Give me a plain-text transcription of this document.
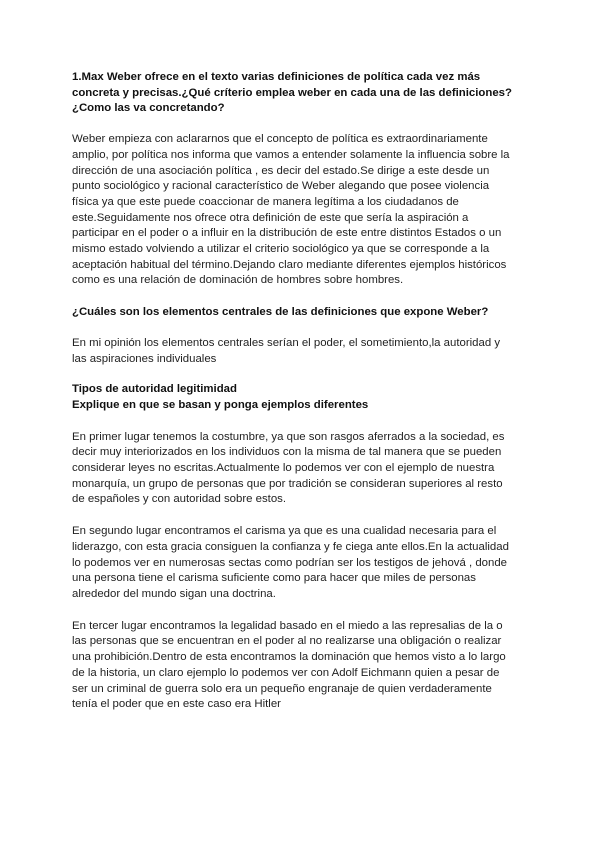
1.Max Weber ofrece en el texto varias definiciones de política cada vez más concreta y precisas.¿Qué críterio emplea weber en cada una de las definiciones?¿Como las va concretando?

Weber empieza con aclararnos que el concepto de política es extraordinariamente amplio, por política nos informa que vamos a entender solamente la influencia sobre la dirección de una asociación política , es decir del estado.Se dirige a este desde un punto sociológico y racional característico de Weber alegando que posee violencia física ya que este puede coaccionar de manera legítima a los ciudadanos de este.Seguidamente nos ofrece otra definición de este que sería la aspiración a participar en el poder o a influir en la distribución de este entre distintos Estados o un mismo estado volviendo a utilizar el criterio sociológico ya que se corresponde a la aceptación habitual del término.Dejando claro mediante diferentes ejemplos históricos como es una relación de dominación de hombres sobre hombres.

¿Cuáles son los elementos centrales de las definiciones que expone Weber?

En mi opinión los elementos centrales serían el poder, el sometimiento,la autoridad y las aspiraciones individuales

Tipos de autoridad legitimidad
Explique en que se basan y ponga ejemplos diferentes

En primer lugar tenemos la costumbre, ya que son rasgos aferrados a la sociedad, es decir muy interiorizados en los individuos con la misma de tal manera que se pueden considerar leyes no escritas.Actualmente lo podemos ver con el ejemplo de nuestra monarquía, un grupo de personas que por tradición se consideran superiores al resto de españoles y con autoridad sobre estos.

En segundo lugar encontramos el carisma ya que es una cualidad necesaria para el liderazgo, con esta gracia consiguen la confianza y fe ciega ante ellos.En la actualidad lo podemos ver en numerosas sectas como podrían ser los testigos de jehová , donde una persona tiene el carisma suficiente como para hacer que miles de personas alrededor del mundo sigan una doctrina.

En tercer lugar encontramos la legalidad basado en el miedo a las represalias de la o las personas que se encuentran en el poder al no realizarse una obligación o realizar una prohibición.Dentro de esta encontramos la dominación que hemos visto a lo largo de la historia, un claro ejemplo lo podemos ver con Adolf Eichmann quien a pesar de ser un criminal de guerra solo era un pequeño engranaje de quien verdaderamente tenía el poder que en este caso era Hitler
